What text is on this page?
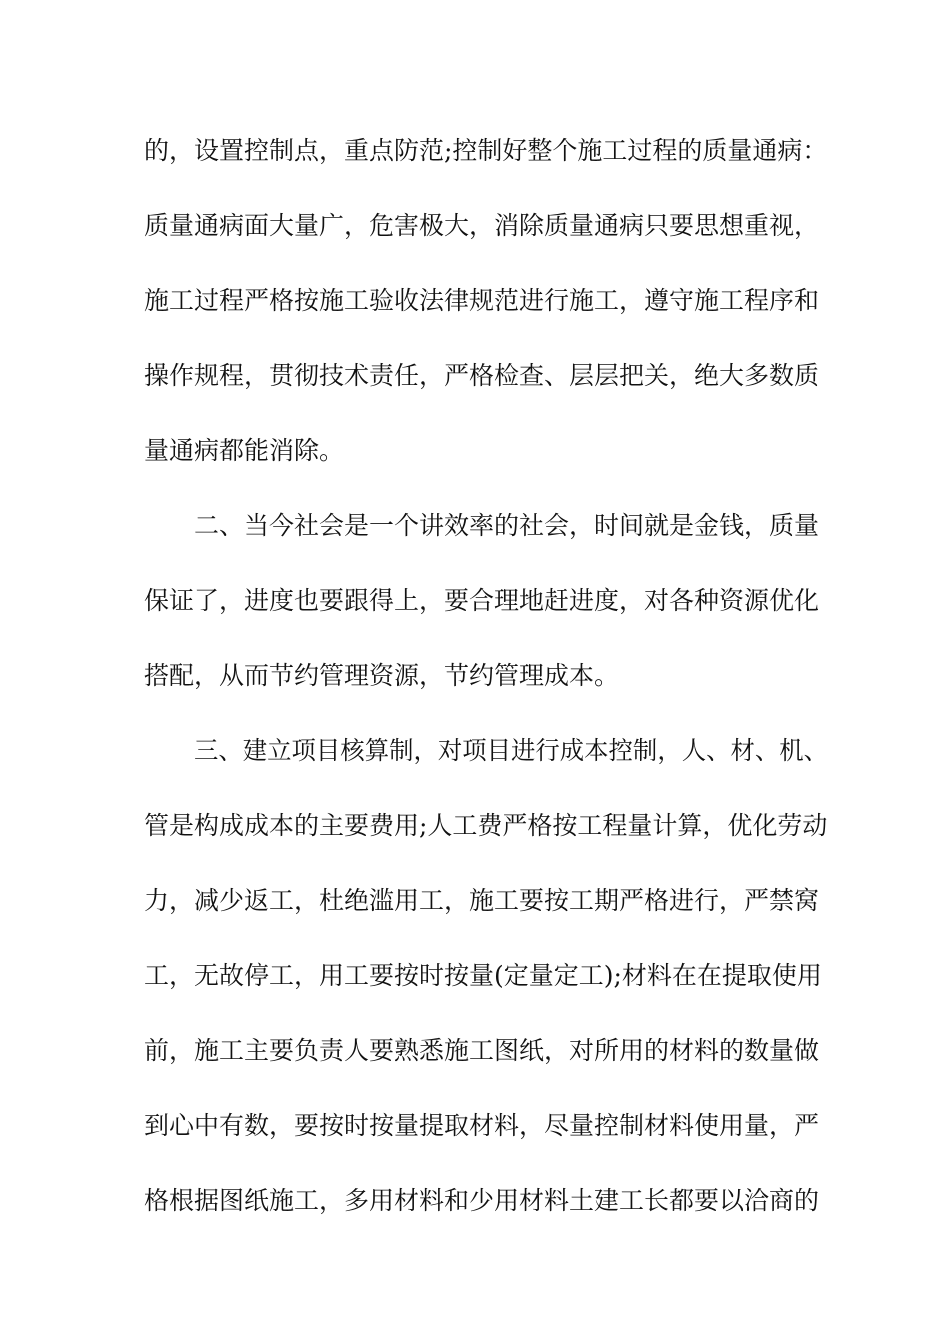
的，设置控制点，重点防范;控制好整个施工过程的质量通病：

质量通病面大量广，危害极大，消除质量通病只要思想重视，

施工过程严格按施工验收法律规范进行施工，遵守施工程序和

操作规程，贯彻技术责任，严格检查、层层把关，绝大多数质

量通病都能消除。

二、当今社会是一个讲效率的社会，时间就是金钱，质量

保证了，进度也要跟得上，要合理地赶进度，对各种资源优化

搭配，从而节约管理资源，节约管理成本。

三、建立项目核算制，对项目进行成本控制，人、材、机、

管是构成成本的主要费用;人工费严格按工程量计算，优化劳动

力，减少返工，杜绝滥用工，施工要按工期严格进行，严禁窝

工，无故停工，用工要按时按量(定量定工);材料在在提取使用

前，施工主要负责人要熟悉施工图纸，对所用的材料的数量做

到心中有数，要按时按量提取材料，尽量控制材料使用量，严

格根据图纸施工，多用材料和少用材料土建工长都要以洽商的
